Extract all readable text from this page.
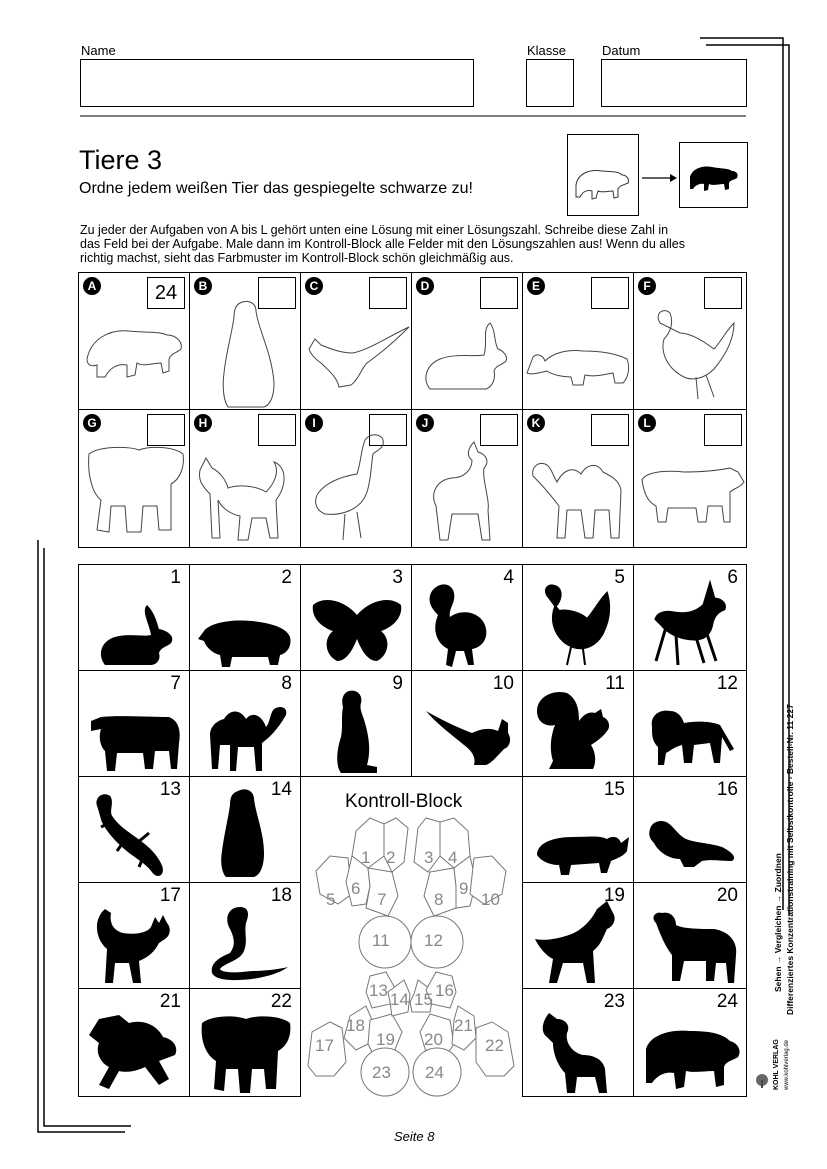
Name	Klasse	Datum
Tiere 3
Ordne jedem weißen Tier das gespiegelte schwarze zu!
Zu jeder der Aufgaben von A bis L gehört unten eine Lösung mit einer Lösungszahl. Schreibe diese Zahl in
das Feld bei der Aufgabe. Male dann im Kontroll-Block alle Felder mit den Lösungszahlen aus! Wenn du alles
richtig machst, sieht das Farbmuster im Kontroll-Block schön gleichmäßig aus.
A	24	B	C	D	E	F
G	H	I	J	K	L
1	2	3	4	5	6
7	8	9	10	11	12
13	14	15	16
17	18	19	20
21	22	23	24
Kontroll-Block
1 2 3 4
5
6
7	8
9
10
11 12
13 14 15 16
17
18
19 20
21
22
23 24
Sehen → Vergleichen → Zuordnen Differenziertes Konzentrationstraining mit Selbstkontrolle - Bestell-Nr. 11 227
KOHL VERLAG www.kohlverlag.de
Seite 8
